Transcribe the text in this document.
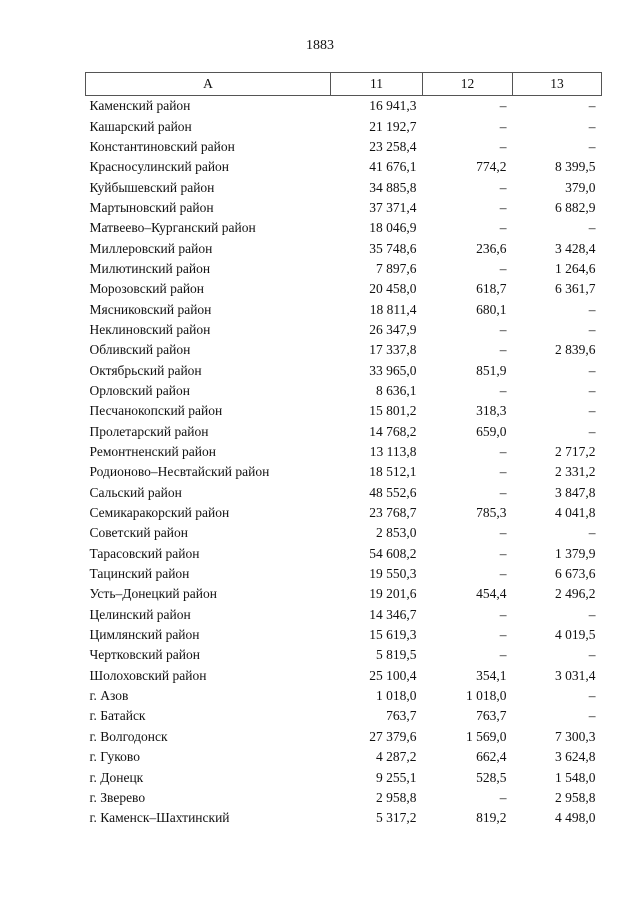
1883
А	11	12	13
Каменский район	16 941,3	–	–
Кашарский район	21 192,7	–	–
Константиновский район	23 258,4	–	–
Красносулинский район	41 676,1	774,2	8 399,5
Куйбышевский район	34 885,8	–	379,0
Мартыновский район	37 371,4	–	6 882,9
Матвеево–Курганский район	18 046,9	–	–
Миллеровский район	35 748,6	236,6	3 428,4
Милютинский район	7 897,6	–	1 264,6
Морозовский район	20 458,0	618,7	6 361,7
Мясниковский район	18 811,4	680,1	–
Неклиновский район	26 347,9	–	–
Обливский район	17 337,8	–	2 839,6
Октябрьский район	33 965,0	851,9	–
Орловский район	8 636,1	–	–
Песчанокопский район	15 801,2	318,3	–
Пролетарский район	14 768,2	659,0	–
Ремонтненский район	13 113,8	–	2 717,2
Родионово–Несвтайский район	18 512,1	–	2 331,2
Сальский район	48 552,6	–	3 847,8
Семикаракорский район	23 768,7	785,3	4 041,8
Советский район	2 853,0	–	–
Тарасовский район	54 608,2	–	1 379,9
Тацинский район	19 550,3	–	6 673,6
Усть–Донецкий район	19 201,6	454,4	2 496,2
Целинский район	14 346,7	–	–
Цимлянский район	15 619,3	–	4 019,5
Чертковский район	5 819,5	–	–
Шолоховский район	25 100,4	354,1	3 031,4
г. Азов	1 018,0	1 018,0	–
г. Батайск	763,7	763,7	–
г. Волгодонск	27 379,6	1 569,0	7 300,3
г. Гуково	4 287,2	662,4	3 624,8
г. Донецк	9 255,1	528,5	1 548,0
г. Зверево	2 958,8	–	2 958,8
г. Каменск–Шахтинский	5 317,2	819,2	4 498,0
